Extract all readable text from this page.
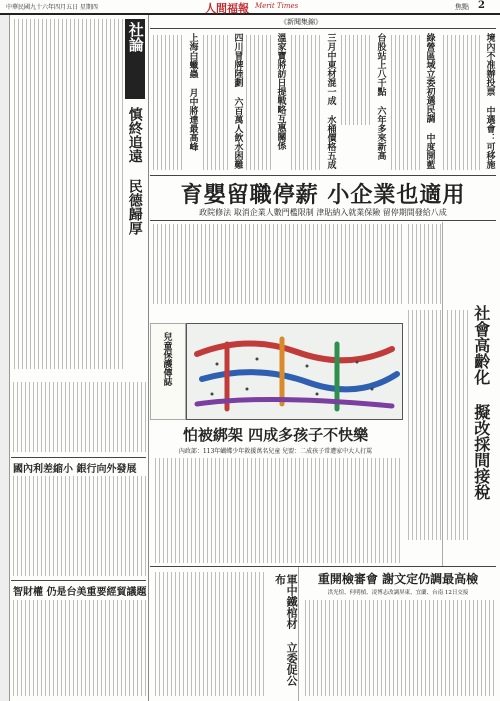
中華民國九十六年四月五日 星期四	人間福報 Merit Times	焦點 2
社論
慎終追遠 民德歸厚
《新聞集錦》
境內不准辦投票 中選會：可移施
綠營區域立委初選民調 中度開藍
台股站上八千點 六年多來新高
三月中東材混一成 水桶價格五成
溫家寶將訪日提戰略互惠關係
四川冒牌陸劃 六百萬人飲水困難
上海白蠟蟲 月中將達最高峰
育嬰留職停薪 小企業也適用
政院修法 取消企業人數門檻限制 津貼納入就業保險 留停期間發給八成
社會高齡化 擬改採間接稅
兒童保護傳誌
怕被綁架 四成多孩子不快樂
內政部：113年蝴蝶少年救援萬名兒童 兒盟：二成孩子常遭家中大人打罵
國內利差縮小 銀行向外發展
智財權 仍是台美重要經貿議題
重開檢審會 謝文定仍調最高檢
洪光煊、何明楨、凌博志改調屏東、宜蘭、台南 12日交接
軍中鐵棺材 立委促公布
